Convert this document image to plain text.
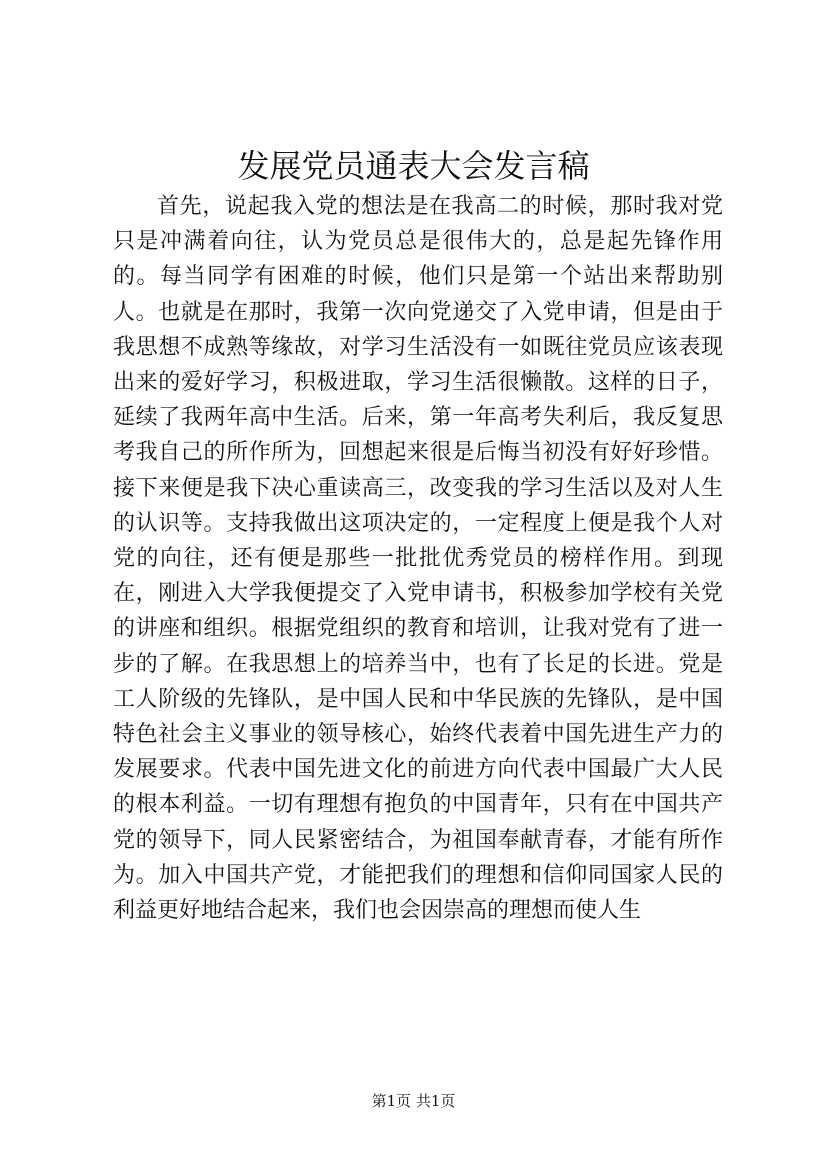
发展党员通表大会发言稿

首先，说起我入党的想法是在我高二的时候，那时我对党只是冲满着向往，认为党员总是很伟大的，总是起先锋作用的。每当同学有困难的时候，他们只是第一个站出来帮助别人。也就是在那时，我第一次向党递交了入党申请，但是由于我思想不成熟等缘故，对学习生活没有一如既往党员应该表现出来的爱好学习，积极进取，学习生活很懒散。这样的日子，延续了我两年高中生活。后来，第一年高考失利后，我反复思考我自己的所作所为，回想起来很是后悔当初没有好好珍惜。接下来便是我下决心重读高三，改变我的学习生活以及对人生的认识等。支持我做出这项决定的，一定程度上便是我个人对党的向往，还有便是那些一批批优秀党员的榜样作用。到现在，刚进入大学我便提交了入党申请书，积极参加学校有关党的讲座和组织。根据党组织的教育和培训，让我对党有了进一步的了解。在我思想上的培养当中，也有了长足的长进。党是工人阶级的先锋队，是中国人民和中华民族的先锋队，是中国特色社会主义事业的领导核心，始终代表着中国先进生产力的发展要求。代表中国先进文化的前进方向代表中国最广大人民的根本利益。一切有理想有抱负的中国青年，只有在中国共产党的领导下，同人民紧密结合，为祖国奉献青春，才能有所作为。加入中国共产党，才能把我们的理想和信仰同国家人民的利益更好地结合起来，我们也会因崇高的理想而使人生

第1页 共1页
